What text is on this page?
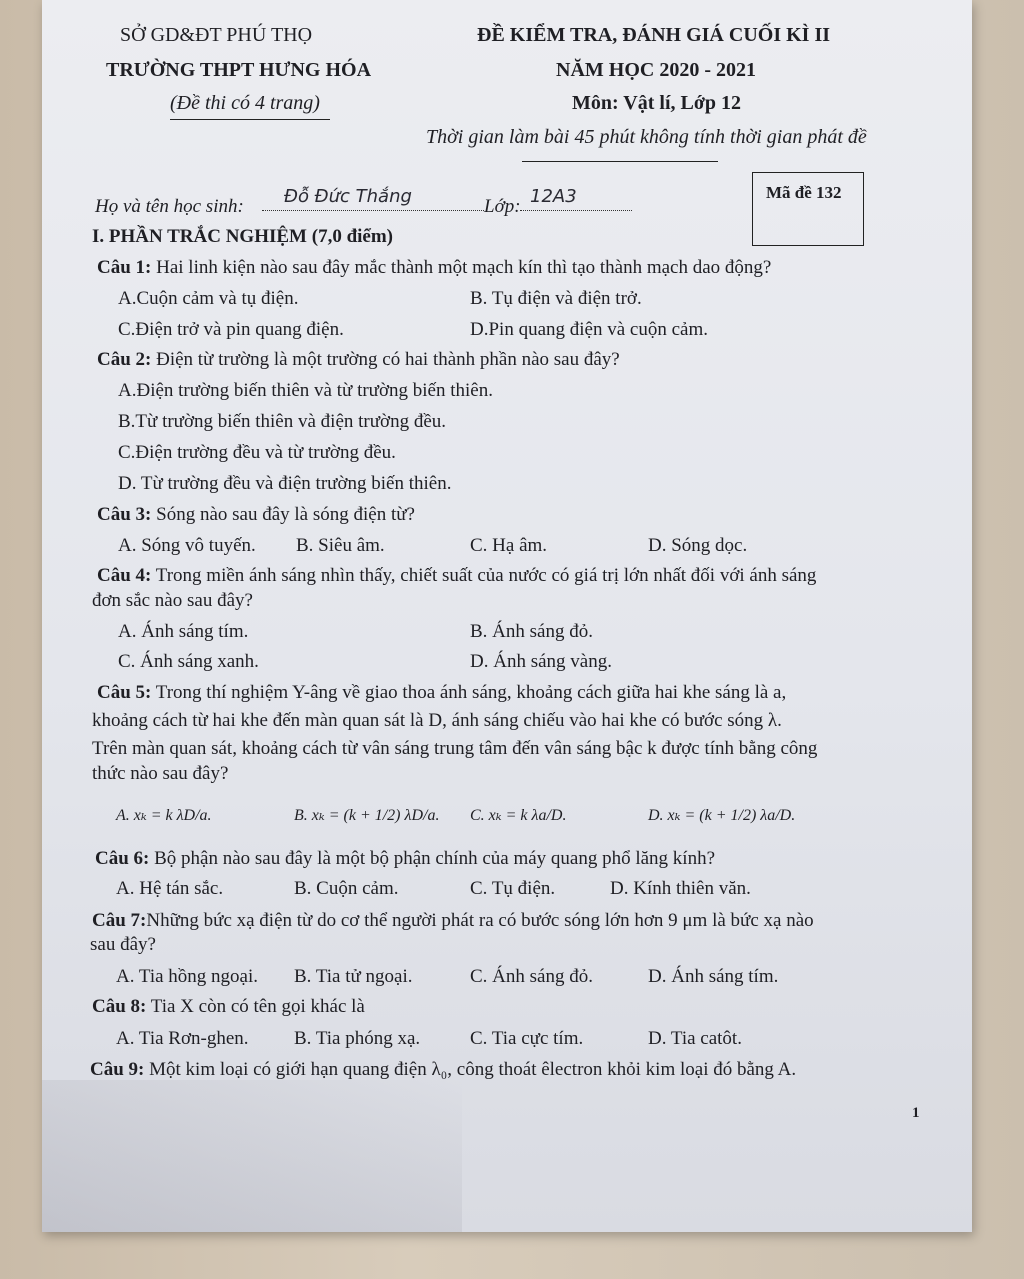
SỞ GD&ĐT PHÚ THỌ
TRƯỜNG THPT HƯNG HÓA
(Đề thi có 4 trang)
ĐỀ KIỂM TRA, ĐÁNH GIÁ CUỐI KÌ II
NĂM HỌC 2020 - 2021
Môn: Vật lí, Lớp 12
Thời gian làm bài 45 phút không tính thời gian phát đề
Họ và tên học sinh: Đỗ Đức Thắng	Lớp: 12A3	Mã đề 132
I. PHẦN TRẮC NGHIỆM (7,0 điểm)
Câu 1: Hai linh kiện nào sau đây mắc thành một mạch kín thì tạo thành mạch dao động?
A.Cuộn cảm và tụ điện.	B. Tụ điện và điện trở.
C.Điện trở và pin quang điện.	D.Pin quang điện và cuộn cảm.
Câu 2: Điện từ trường là một trường có hai thành phần nào sau đây?
A.Điện trường biến thiên và từ trường biến thiên.
B.Từ trường biến thiên và điện trường đều.
C.Điện trường đều và từ trường đều.
D. Từ trường đều và điện trường biến thiên.
Câu 3: Sóng nào sau đây là sóng điện từ?
A. Sóng vô tuyến. B. Siêu âm.	C. Hạ âm.	D. Sóng dọc.
Câu 4: Trong miền ánh sáng nhìn thấy, chiết suất của nước có giá trị lớn nhất đối với ánh sáng
đơn sắc nào sau đây?
A. Ánh sáng tím.	B. Ánh sáng đỏ.
C. Ánh sáng xanh.	D. Ánh sáng vàng.
Câu 5: Trong thí nghiệm Y-âng về giao thoa ánh sáng, khoảng cách giữa hai khe sáng là a,
khoảng cách từ hai khe đến màn quan sát là D, ánh sáng chiếu vào hai khe có bước sóng λ.
Trên màn quan sát, khoảng cách từ vân sáng trung tâm đến vân sáng bậc k được tính bằng công
thức nào sau đây?
A. xₖ = k λD/a.	B. xₖ = (k + 1/2) λD/a. C. xₖ = k λa/D.	D. xₖ = (k + 1/2) λa/D.
Câu 6: Bộ phận nào sau đây là một bộ phận chính của máy quang phổ lăng kính?
A. Hệ tán sắc.	B. Cuộn cảm.	C. Tụ điện.	D. Kính thiên văn.
Câu 7:Những bức xạ điện từ do cơ thể người phát ra có bước sóng lớn hơn 9 μm là bức xạ nào
sau đây?
A. Tia hồng ngoại. B. Tia tử ngoại.	C. Ánh sáng đỏ.	D. Ánh sáng tím.
Câu 8: Tia X còn có tên gọi khác là
A. Tia Rơn-ghen. B. Tia phóng xạ.	C. Tia cực tím.	D. Tia catôt.
Câu 9: Một kim loại có giới hạn quang điện λ₀, công thoát êlectron khỏi kim loại đó bằng A.
1
